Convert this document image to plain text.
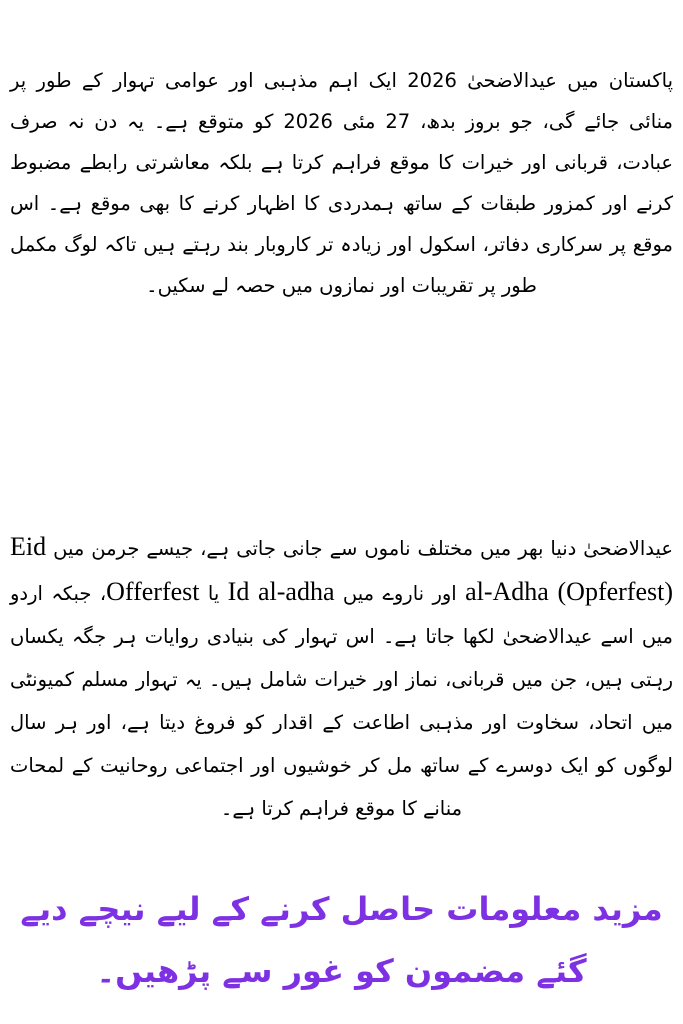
پاکستان میں عیدالاضحیٰ 2026 ایک اہم مذہبی اور عوامی تہوار کے طور پر منائی جائے گی، جو بروز بدھ، 27 مئی 2026 کو متوقع ہے۔ یہ دن نہ صرف عبادت، قربانی اور خیرات کا موقع فراہم کرتا ہے بلکہ معاشرتی رابطے مضبوط کرنے اور کمزور طبقات کے ساتھ ہمدردی کا اظہار کرنے کا بھی موقع ہے۔ اس موقع پر سرکاری دفاتر، اسکول اور زیادہ تر کاروبار بند رہتے ہیں تاکہ لوگ مکمل طور پر تقریبات اور نمازوں میں حصہ لے سکیں۔

عیدالاضحیٰ دنیا بھر میں مختلف ناموں سے جانی جاتی ہے، جیسے جرمن میں Eid al-Adha (Opferfest) اور ناروے میں Id al-adha یا Offerfest، جبکہ اردو میں اسے عیدالاضحیٰ لکھا جاتا ہے۔ اس تہوار کی بنیادی روایات ہر جگہ یکساں رہتی ہیں، جن میں قربانی، نماز اور خیرات شامل ہیں۔ یہ تہوار مسلم کمیونٹی میں اتحاد، سخاوت اور مذہبی اطاعت کے اقدار کو فروغ دیتا ہے، اور ہر سال لوگوں کو ایک دوسرے کے ساتھ مل کر خوشیوں اور اجتماعی روحانیت کے لمحات منانے کا موقع فراہم کرتا ہے۔

مزید معلومات حاصل کرنے کے لیے نیچے دیے گئے مضمون کو غور سے پڑھیں۔
